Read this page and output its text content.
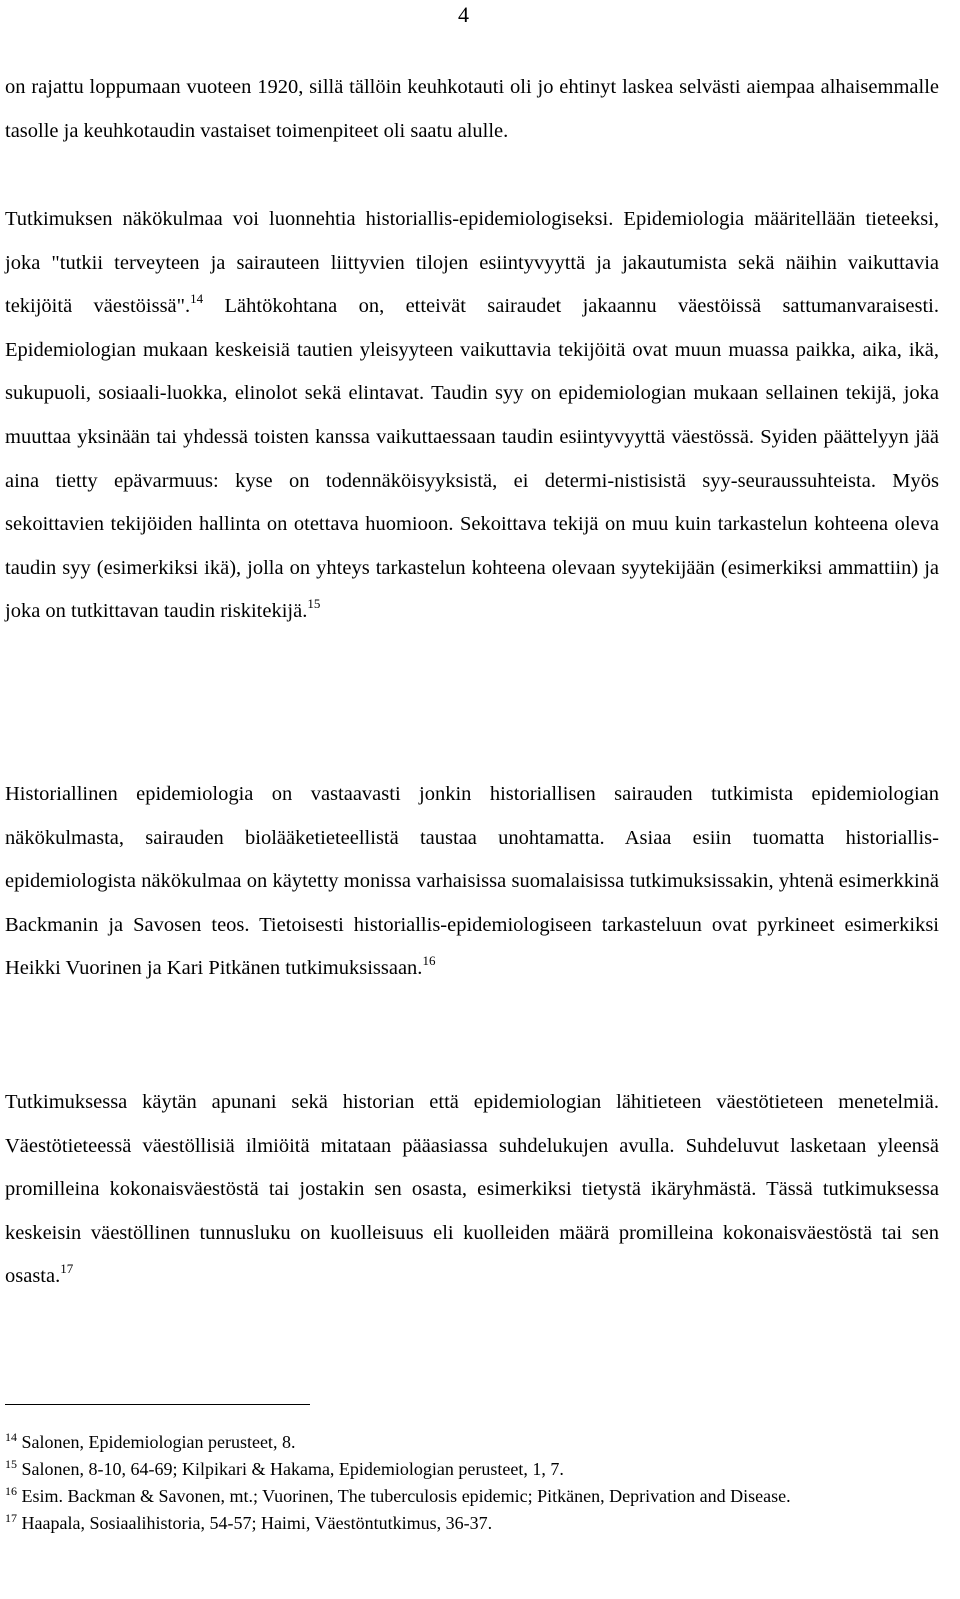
4

on rajattu loppumaan vuoteen 1920, sillä tällöin keuhkotauti oli jo ehtinyt laskea selvästi aiempaa alhaisemmalle tasolle ja keuhkotaudin vastaiset toimenpiteet oli saatu alulle.

Tutkimuksen näkökulmaa voi luonnehtia historiallis-epidemiologiseksi. Epidemiologia määritellään tieteeksi, joka "tutkii terveyteen ja sairauteen liittyvien tilojen esiintyvyyttä ja jakautumista sekä näihin vaikuttavia tekijöitä väestöissä".$^{14}$ Lähtökohtana on, etteivät sairaudet jakaannu väestöissä sattumanvaraisesti. Epidemiologian mukaan keskeisiä tautien yleisyyteen vaikuttavia tekijöitä ovat muun muassa paikka, aika, ikä, sukupuoli, sosiaali-luokka, elinolot sekä elintavat. Taudin syy on epidemiologian mukaan sellainen tekijä, joka muuttaa yksinään tai yhdessä toisten kanssa vaikuttaessaan taudin esiintyvyyttä väestössä. Syiden päättelyyn jää aina tietty epävarmuus: kyse on todennäköisyyksistä, ei determi-nistisistä syy-seuraussuhteista. Myös sekoittavien tekijöiden hallinta on otettava huomioon. Sekoittava tekijä on muu kuin tarkastelun kohteena oleva taudin syy (esimerkiksi ikä), jolla on yhteys tarkastelun kohteena olevaan syytekijään (esimerkiksi ammattiin) ja joka on tutkittavan taudin riskitekijä.$^{15}$

Historiallinen epidemiologia on vastaavasti jonkin historiallisen sairauden tutkimista epidemiologian näkökulmasta, sairauden biolääketieteellistä taustaa unohtamatta. Asiaa esiin tuomatta historiallis-epidemiologista näkökulmaa on käytetty monissa varhaisissa suomalaisissa tutkimuksissakin, yhtenä esimerkkinä Backmanin ja Savosen teos. Tietoisesti historiallis-epidemiologiseen tarkasteluun ovat pyrkineet esimerkiksi Heikki Vuorinen ja Kari Pitkänen tutkimuksissaan.$^{16}$

Tutkimuksessa käytän apunani sekä historian että epidemiologian lähitieteen väestötieteen menetelmiä. Väestötieteessä väestöllisiä ilmiöitä mitataan pääasiassa suhdelukujen avulla. Suhdeluvut lasketaan yleensä promilleina kokonaisväestöstä tai jostakin sen osasta, esimerkiksi tietystä ikäryhmästä. Tässä tutkimuksessa keskeisin väestöllinen tunnusluku on kuolleisuus eli kuolleiden määrä promilleina kokonaisväestöstä tai sen osasta.$^{17}$

$^{14}$ Salonen, Epidemiologian perusteet, 8.

$^{15}$ Salonen, 8-10, 64-69; Kilpikari & Hakama, Epidemiologian perusteet, 1, 7.

$^{16}$ Esim. Backman & Savonen, mt.; Vuorinen, The tuberculosis epidemic; Pitkänen, Deprivation and Disease.

$^{17}$ Haapala, Sosiaalihistoria, 54-57; Haimi, Väestöntutkimus, 36-37.
